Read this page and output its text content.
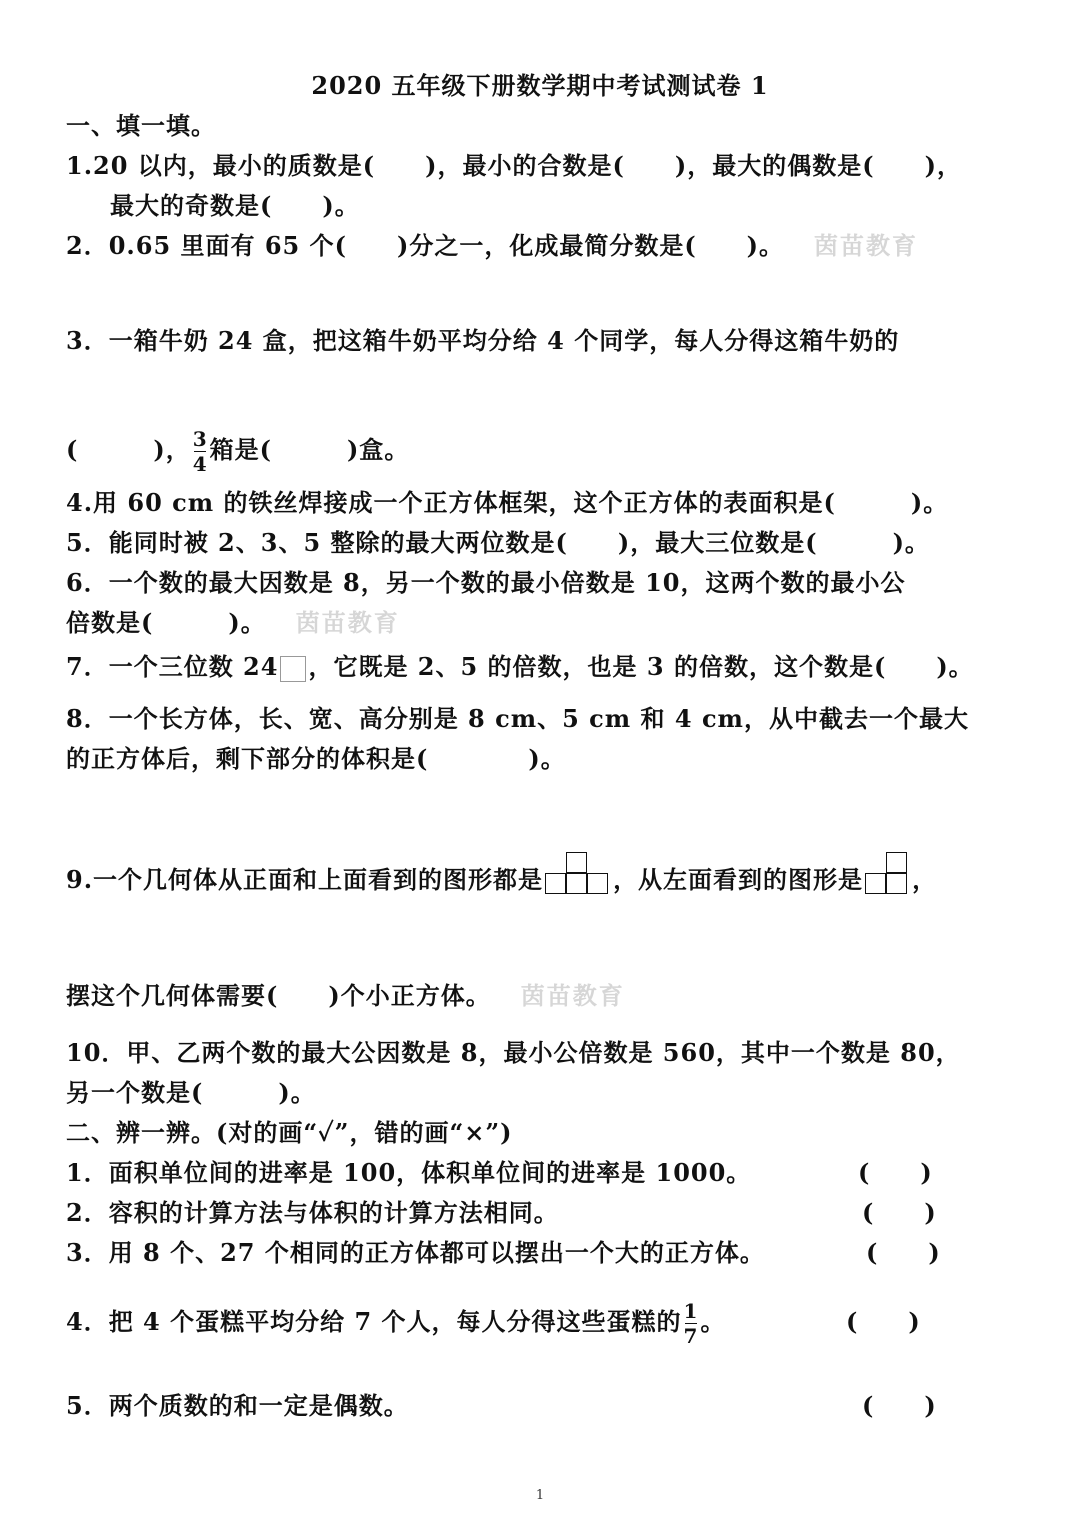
2020 五年级下册数学期中考试测试卷 1
一、填一填。
1.20 以内，最小的质数是(　　)，最小的合数是(　　)，最大的偶数是(　　)，
最大的奇数是(　　)。
2．0.65 里面有 65 个(　　)分之一，化成最简分数是(　　)。 茵苗教育
3．一箱牛奶 24 盒，把这箱牛奶平均分给 4 个同学，每人分得这箱牛奶的
(　　　)， $\frac{3}{4}$ 箱是(　　　)盒。
4.用 60 cm 的铁丝焊接成一个正方体框架，这个正方体的表面积是(　　　)。
5．能同时被 2、3、5 整除的最大两位数是(　　)，最大三位数是(　　　)。
6．一个数的最大因数是 8，另一个数的最小倍数是 10，这两个数的最小公
倍数是(　　　)。 茵苗教育
7．一个三位数 24 ，它既是 2、5 的倍数，也是 3 的倍数，这个数是(　　)。
8．一个长方体，长、宽、高分别是 8 cm、5 cm 和 4 cm，从中截去一个最大
的正方体后，剩下部分的体积是(　　　　)。
9.一个几何体从正面和上面看到的图形都是	，从左面看到的图形是 ，
摆这个几何体需要(　　)个小正方体。 茵苗教育
10．甲、乙两个数的最大公因数是 8，最小公倍数是 560，其中一个数是 80，
另一个数是(　　　)。
二、辨一辨。(对的画“✓”，错的画“×”)
1．面积单位间的进率是 100，体积单位间的进率是 1000。	(　　)
2．容积的计算方法与体积的计算方法相同。	(　　)
3．用 8 个、27 个相同的正方体都可以摆出一个大的正方体。	(　　)
4．把 4 个蛋糕平均分给 7 个人，每人分得这些蛋糕的 $\frac{1}{7}$ 。	(　　)
5．两个质数的和一定是偶数。	(　　)
1
